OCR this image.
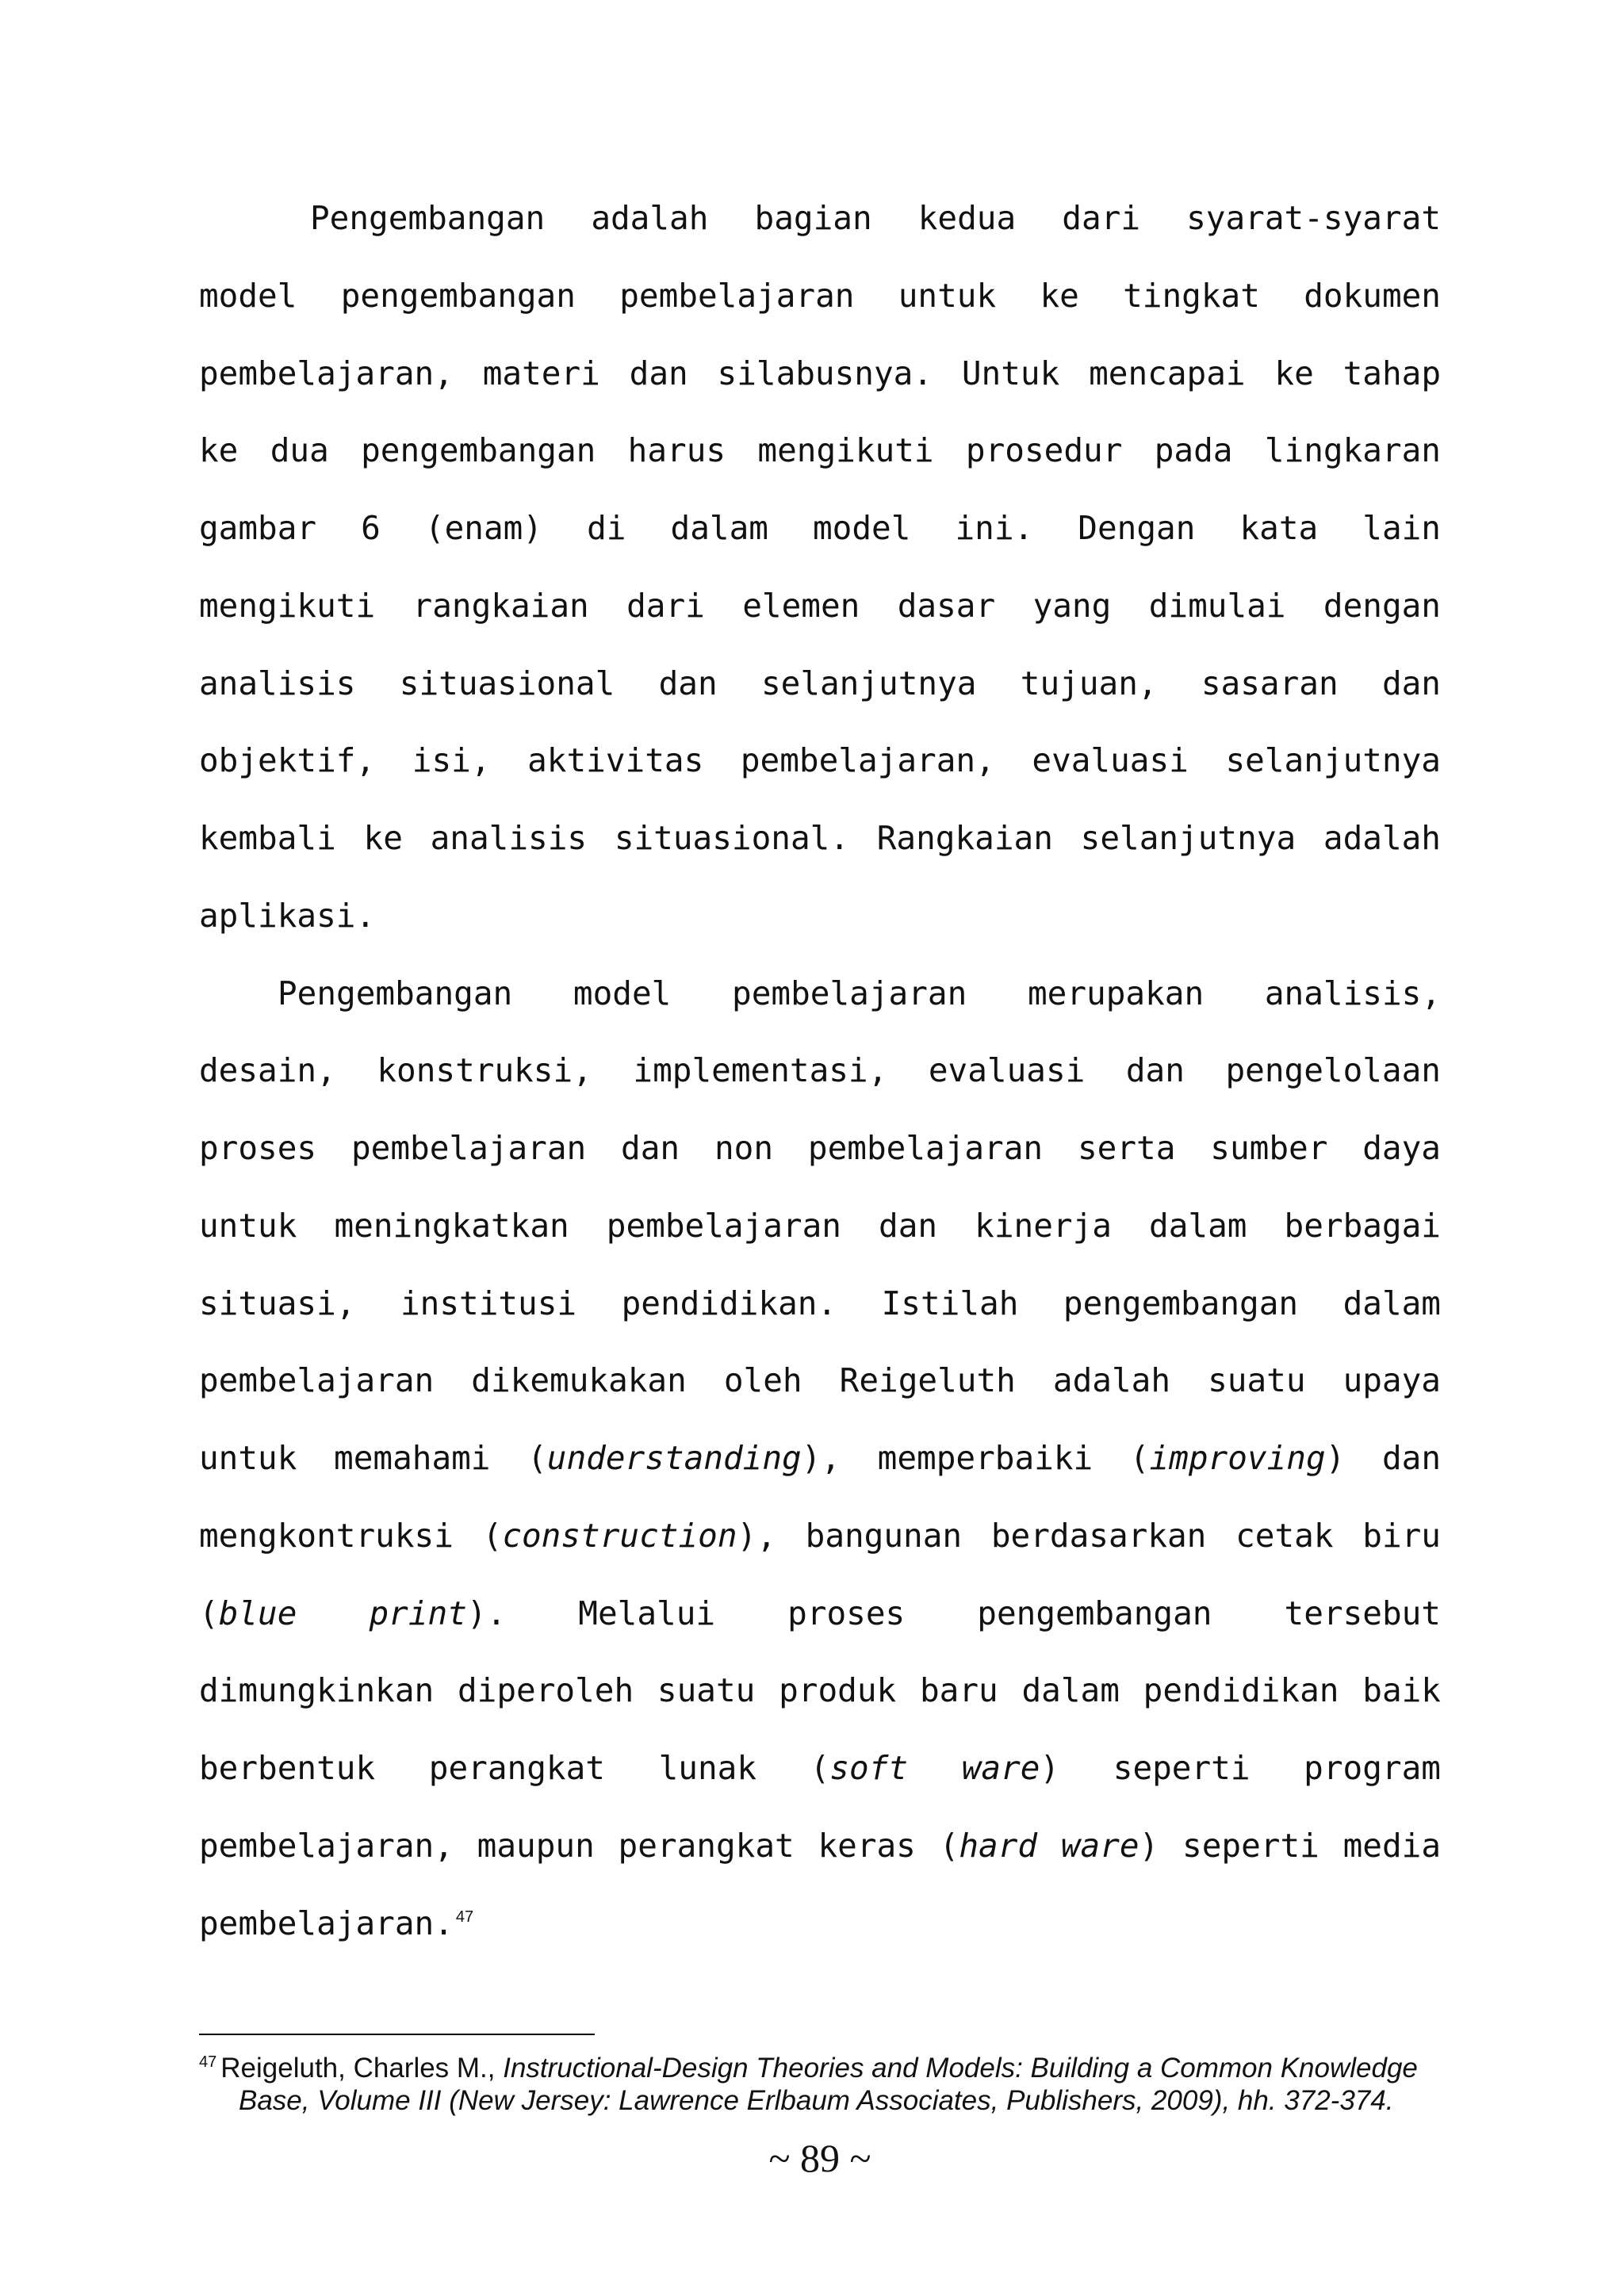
Pengembangan adalah bagian kedua dari syarat-syarat
model pengembangan pembelajaran untuk ke tingkat dokumen
pembelajaran, materi dan silabusnya. Untuk mencapai ke tahap
ke dua pengembangan harus mengikuti prosedur pada lingkaran
gambar 6 (enam) di dalam model ini. Dengan kata lain
mengikuti rangkaian dari elemen dasar yang dimulai dengan
analisis situasional dan selanjutnya tujuan, sasaran dan
objektif, isi, aktivitas pembelajaran, evaluasi selanjutnya
kembali ke analisis situasional. Rangkaian selanjutnya adalah
aplikasi.
Pengembangan model pembelajaran merupakan analisis,
desain, konstruksi, implementasi, evaluasi dan pengelolaan
proses pembelajaran dan non pembelajaran serta sumber daya
untuk meningkatkan pembelajaran dan kinerja dalam berbagai
situasi, institusi pendidikan. Istilah pengembangan dalam
pembelajaran dikemukakan oleh Reigeluth adalah suatu upaya
untuk memahami (understanding), memperbaiki (improving) dan
mengkontruksi (construction), bangunan berdasarkan cetak biru
(blue print). Melalui proses pengembangan tersebut
dimungkinkan diperoleh suatu produk baru dalam pendidikan baik
berbentuk perangkat lunak (soft ware) seperti program
pembelajaran, maupun perangkat keras (hard ware) seperti media
pembelajaran. $^{47}$
$^{47}$ Reigeluth, Charles M., Instructional-Design Theories and Models: Building a Common Knowledge
Base, Volume III (New Jersey: Lawrence Erlbaum Associates, Publishers, 2009), hh. 372-374.
~ 89 ~
